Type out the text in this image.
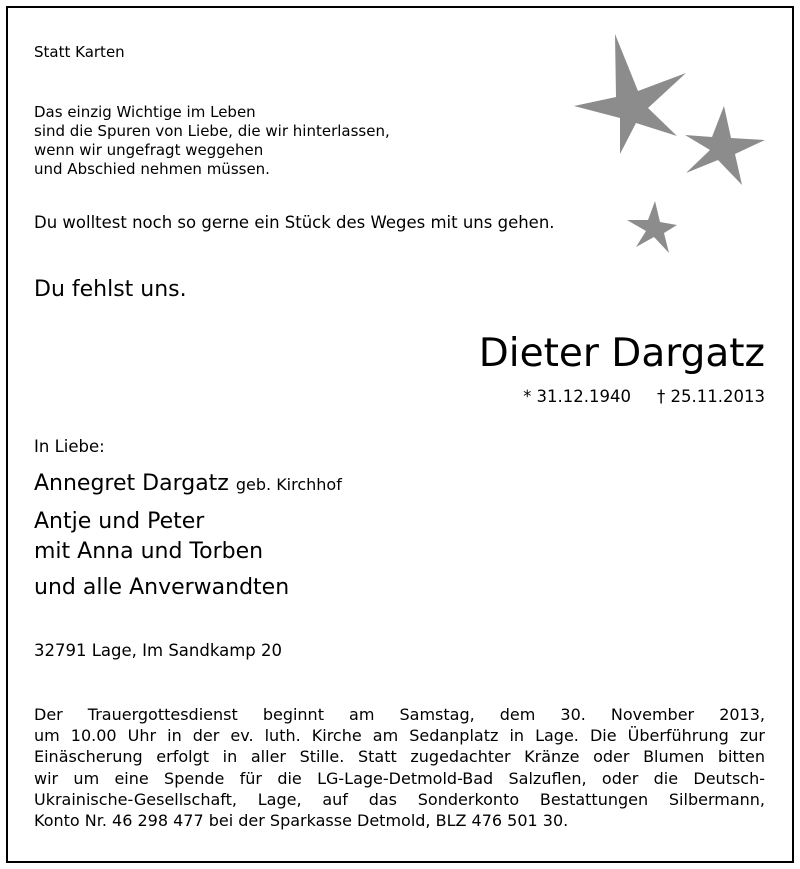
Statt Karten
Das einzig Wichtige im Leben
sind die Spuren von Liebe, die wir hinterlassen,
wenn wir ungefragt weggehen
und Abschied nehmen müssen.
Du wolltest noch so gerne ein Stück des Weges mit uns gehen.
Du fehlst uns.
Dieter Dargatz
* 31.12.1940 † 25.11.2013
In Liebe:
Annegret Dargatz geb. Kirchhof
Antje und Peter
mit Anna und Torben
und alle Anverwandten
32791 Lage, Im Sandkamp 20
Der Trauergottesdienst beginnt am Samstag, dem 30. November 2013,
um 10.00 Uhr in der ev. luth. Kirche am Sedanplatz in Lage. Die Überführung zur
Einäscherung erfolgt in aller Stille. Statt zugedachter Kränze oder Blumen bitten
wir um eine Spende für die LG-Lage-Detmold-Bad Salzuflen, oder die Deutsch-
Ukrainische-Gesellschaft, Lage, auf das Sonderkonto Bestattungen Silbermann,
Konto Nr. 46 298 477 bei der Sparkasse Detmold, BLZ 476 501 30.
